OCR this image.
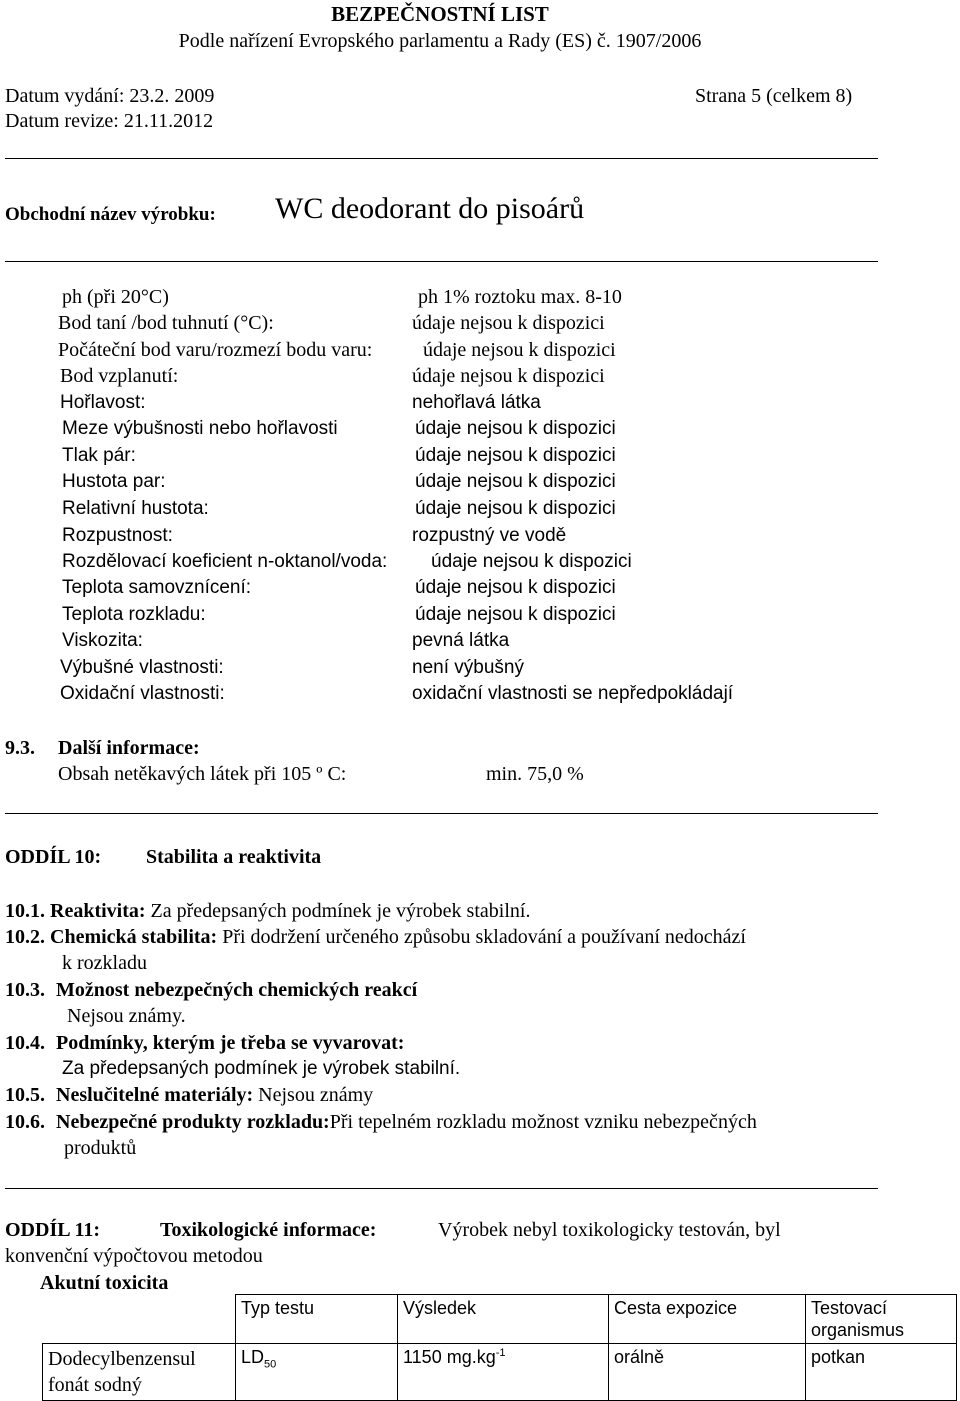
BEZPEČNOSTNÍ LIST
Podle nařízení Evropského parlamentu a Rady (ES) č. 1907/2006
Datum vydání: 23.2. 2009	Strana 5 (celkem 8)
Datum revize: 21.11.2012
Obchodní název výrobku: WC deodorant do pisoárů
ph (při 20°C)	ph 1% roztoku max. 8-10
Bod taní /bod tuhnutí (°C):	údaje nejsou k dispozici
Počáteční bod varu/rozmezí bodu varu:	údaje nejsou k dispozici
Bod vzplanutí:	údaje nejsou k dispozici
Hořlavost:	nehořlavá látka
Meze výbušnosti nebo hořlavosti	údaje nejsou k dispozici
Tlak pár:	údaje nejsou k dispozici
Hustota par:	údaje nejsou k dispozici
Relativní hustota:	údaje nejsou k dispozici
Rozpustnost:	rozpustný ve vodě
Rozdělovací koeficient n-oktanol/voda: údaje nejsou k dispozici
Teplota samovznícení:	údaje nejsou k dispozici
Teplota rozkladu:	údaje nejsou k dispozici
Viskozita:	pevná látka
Výbušné vlastnosti:	není výbušný
Oxidační vlastnosti:	oxidační vlastnosti se nepředpokládají
9.3. Další informace:
Obsah netěkavých látek při 105 º C:	min. 75,0 %
ODDÍL 10: Stabilita a reaktivita
10.1. Reaktivita: Za předepsaných podmínek je výrobek stabilní.
10.2. Chemická stabilita: Při dodržení určeného způsobu skladování a používaní nedochází
k rozkladu
10.3. Možnost nebezpečných chemických reakcí
Nejsou známy.
10.4. Podmínky, kterým je třeba se vyvarovat:
Za předepsaných podmínek je výrobek stabilní.
10.5. Neslučitelné materiály: Nejsou známy
10.6. Nebezpečné produkty rozkladu:Při tepelném rozkladu možnost vzniku nebezpečných
produktů
ODDÍL 11:	Toxikologické informace:	Výrobek nebyl toxikologicky testován, byl
konvenční výpočtovou metodou
Akutní toxicita
	Typ testu	Výsledek	Cesta expozice	Testovací organismus
Dodecylbenzensul fonát sodný	$LD_{50}$	1150 $mg.kg^{-1}$	orálně	potkan
